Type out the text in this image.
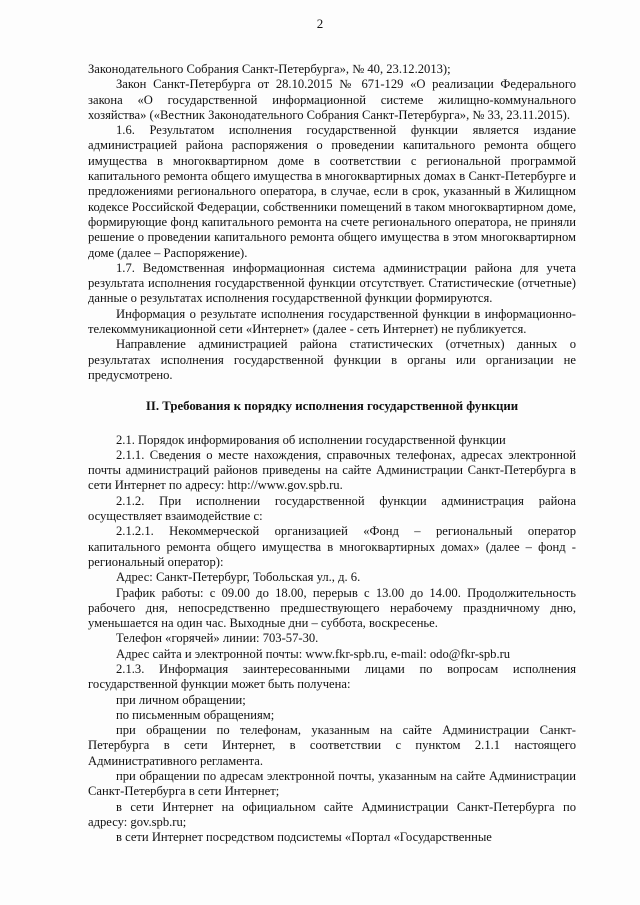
2

Законодательного Собрания Санкт-Петербурга», № 40, 23.12.2013);

Закон Санкт-Петербурга от 28.10.2015 № 671-129 «О реализации Федерального закона «О государственной информационной системе жилищно-коммунального хозяйства» («Вестник Законодательного Собрания Санкт-Петербурга», № 33, 23.11.2015).

1.6. Результатом исполнения государственной функции является издание администрацией района распоряжения о проведении капитального ремонта общего имущества в многоквартирном доме в соответствии с региональной программой капитального ремонта общего имущества в многоквартирных домах в Санкт-Петербурге и предложениями регионального оператора, в случае, если в срок, указанный в Жилищном кодексе Российской Федерации, собственники помещений в таком многоквартирном доме, формирующие фонд капитального ремонта на счете регионального оператора, не приняли решение о проведении капитального ремонта общего имущества в этом многоквартирном доме (далее – Распоряжение).

1.7. Ведомственная информационная система администрации района для учета результата исполнения государственной функции отсутствует. Статистические (отчетные) данные о результатах исполнения государственной функции формируются.

Информация о результате исполнения государственной функции в информационно-телекоммуникационной сети «Интернет» (далее - сеть Интернет) не публикуется.

Направление администрацией района статистических (отчетных) данных о результатах исполнения государственной функции в органы или организации не предусмотрено.

II. Требования к порядку исполнения государственной функции

2.1. Порядок информирования об исполнении государственной функции

2.1.1. Сведения о месте нахождения, справочных телефонах, адресах электронной почты администраций районов приведены на сайте Администрации Санкт-Петербурга в сети Интернет по адресу: http://www.gov.spb.ru.

2.1.2. При исполнении государственной функции администрация района осуществляет взаимодействие с:

2.1.2.1. Некоммерческой организацией «Фонд – региональный оператор капитального ремонта общего имущества в многоквартирных домах» (далее – фонд - региональный оператор):

Адрес: Санкт-Петербург, Тобольская ул., д. 6.

График работы: с 09.00 до 18.00, перерыв с 13.00 до 14.00. Продолжительность рабочего дня, непосредственно предшествующего нерабочему праздничному дню, уменьшается на один час. Выходные дни – суббота, воскресенье.

Телефон «горячей» линии: 703-57-30.

Адрес сайта и электронной почты: www.fkr-spb.ru, e-mail: odo@fkr-spb.ru

2.1.3. Информация заинтересованными лицами по вопросам исполнения государственной функции может быть получена:

при личном обращении;

по письменным обращениям;

при обращении по телефонам, указанным на сайте Администрации Санкт-Петербурга в сети Интернет, в соответствии с пунктом 2.1.1 настоящего Административного регламента.

при обращении по адресам электронной почты, указанным на сайте Администрации Санкт-Петербурга в сети Интернет;

в сети Интернет на официальном сайте Администрации Санкт-Петербурга по адресу: gov.spb.ru;

в сети Интернет посредством подсистемы «Портал «Государственные
